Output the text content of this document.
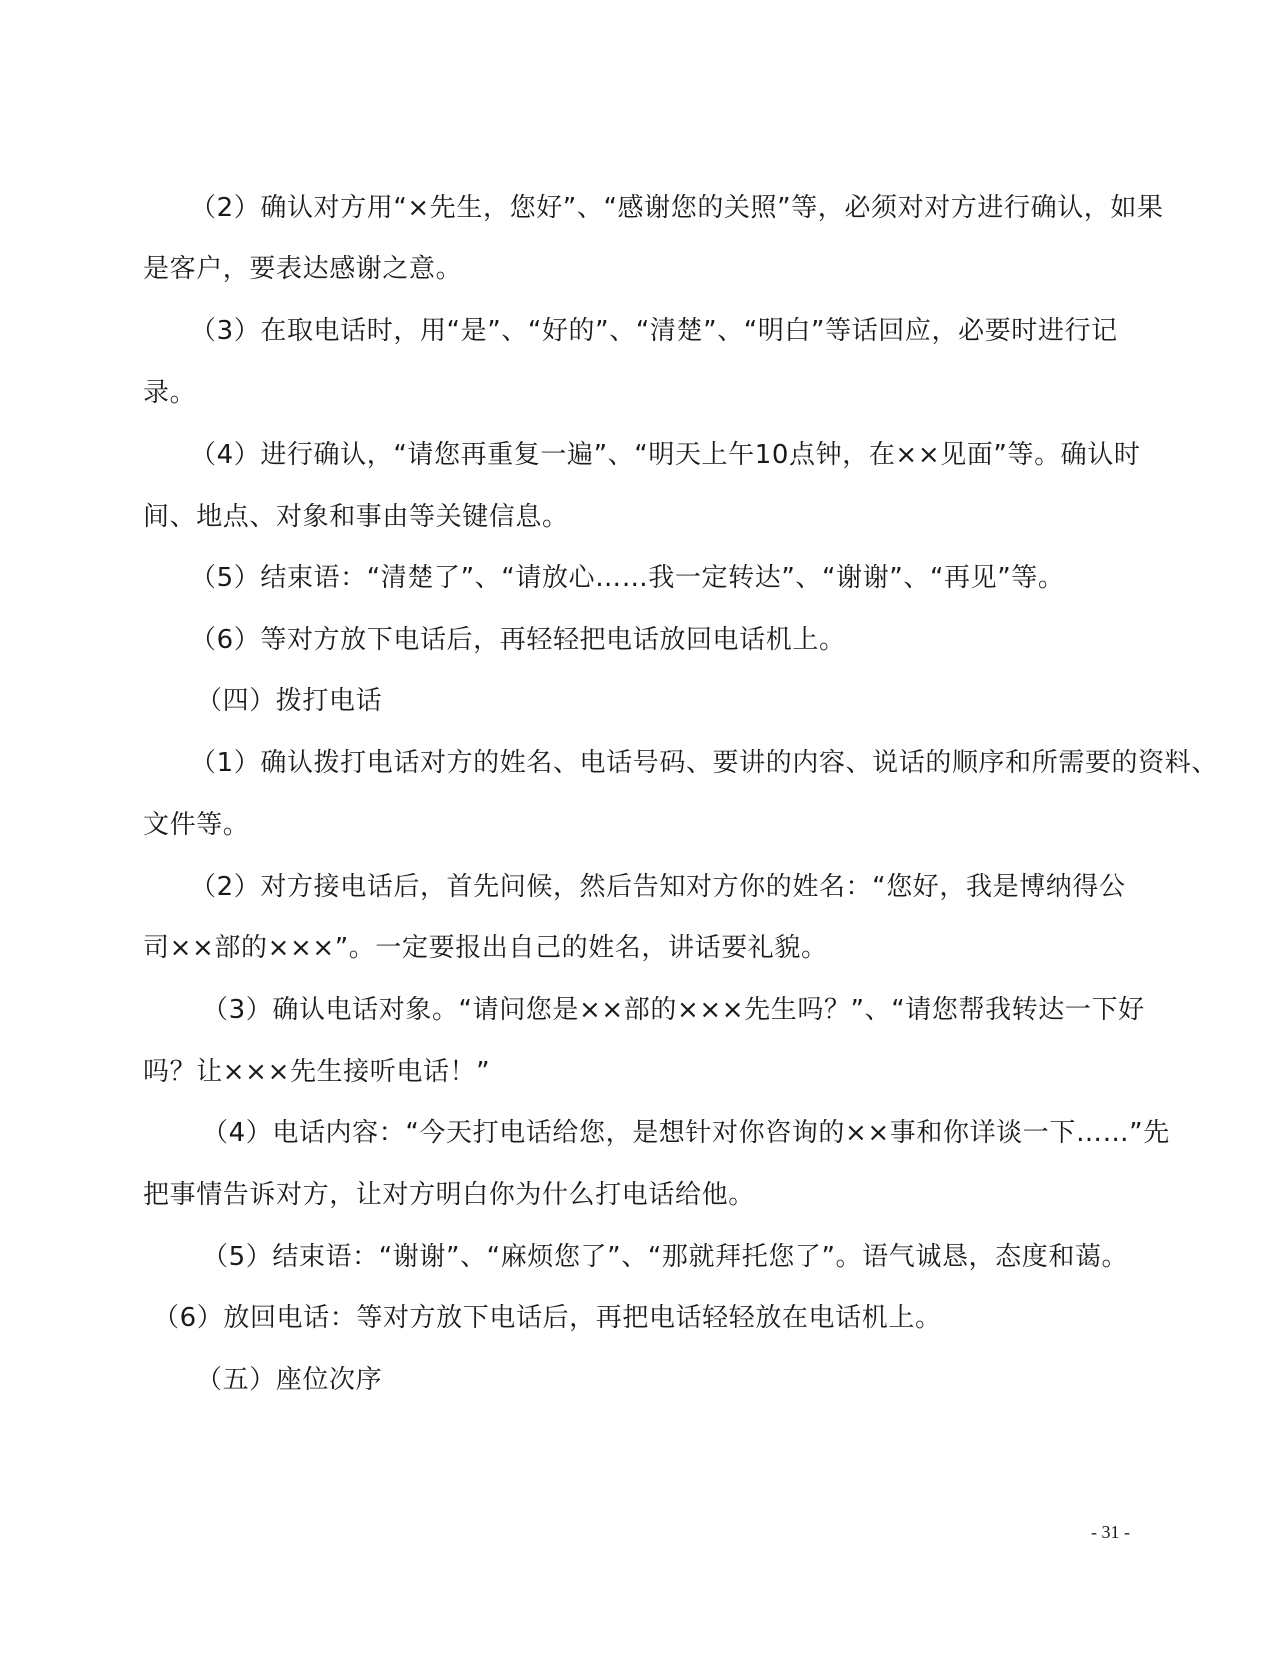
（2）确认对方用“×先生，您好”、“感谢您的关照”等，必须对对方进行确认，如果
是客户，要表达感谢之意。
（3）在取电话时，用“是”、“好的”、“清楚”、“明白”等话回应，必要时进行记
录。
（4）进行确认，“请您再重复一遍”、“明天上午10点钟，在××见面”等。确认时
间、地点、对象和事由等关键信息。
（5）结束语：“清楚了”、“请放心……我一定转达”、“谢谢”、“再见”等。
（6）等对方放下电话后，再轻轻把电话放回电话机上。
（四）拨打电话
（1）确认拨打电话对方的姓名、电话号码、要讲的内容、说话的顺序和所需要的资料、
文件等。
（2）对方接电话后，首先问候，然后告知对方你的姓名：“您好，我是博纳得公
司××部的×××”。一定要报出自己的姓名，讲话要礼貌。
（3）确认电话对象。“请问您是××部的×××先生吗？”、“请您帮我转达一下好
吗？让×××先生接听电话！”
（4）电话内容：“今天打电话给您，是想针对你咨询的××事和你详谈一下……”先
把事情告诉对方，让对方明白你为什么打电话给他。
（5）结束语：“谢谢”、“麻烦您了”、“那就拜托您了”。语气诚恳，态度和蔼。
（6）放回电话：等对方放下电话后，再把电话轻轻放在电话机上。
（五）座位次序
- 31 -
